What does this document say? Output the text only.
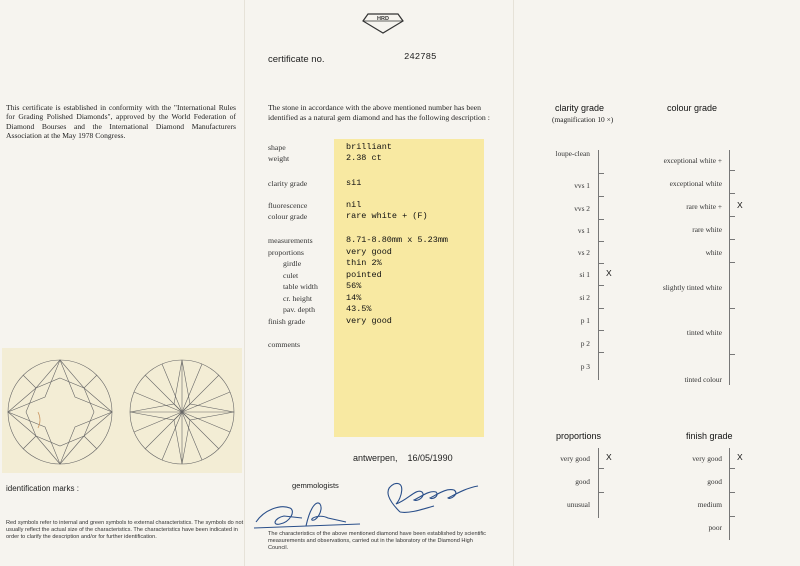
This certificate is established in conformity with the "International Rules for Grading Polished Diamonds", approved by the World Federation of Diamond Bourses and the International Diamond Manufacturers Association at the May 1978 Congress.
identification marks :
Red symbols refer to internal and green symbols to external characteristics. The symbols do not usually reflect the actual size of the characteristics. The characteristics have been indicated in order to clarify the description and/or for further identification.
HRD
certificate no.	242785
The stone in accordance with the above mentioned number has been identified as a natural gem diamond and has the following description :
shape	brilliant
weight	2.38 ct
clarity grade	si1
fluorescence	nil
colour grade	rare white + (F)
measurements	8.71-8.80mm x 5.23mm
proportions	very good
girdle	thin 2%
culet	pointed
table width	56%
cr. height	14%
pav. depth	43.5%
finish grade	very good
comments
antwerpen,    16/05/1990
gemmologists
The characteristics of the above mentioned diamond have been established by scientific measurements and observations, carried out in the laboratory of the Diamond High Council.
clarity grade
(magnification 10 ×)
colour grade
loupe-clean
vvs 1
vvs 2
vs 1
vs 2
si 1 X
si 2
p 1
p 2
p 3
exceptional white +
exceptional white
rare white + X
rare white
white
slightly tinted white
tinted white
tinted colour
proportions
very good X
good
unusual
finish grade
very good X
good
medium
poor
